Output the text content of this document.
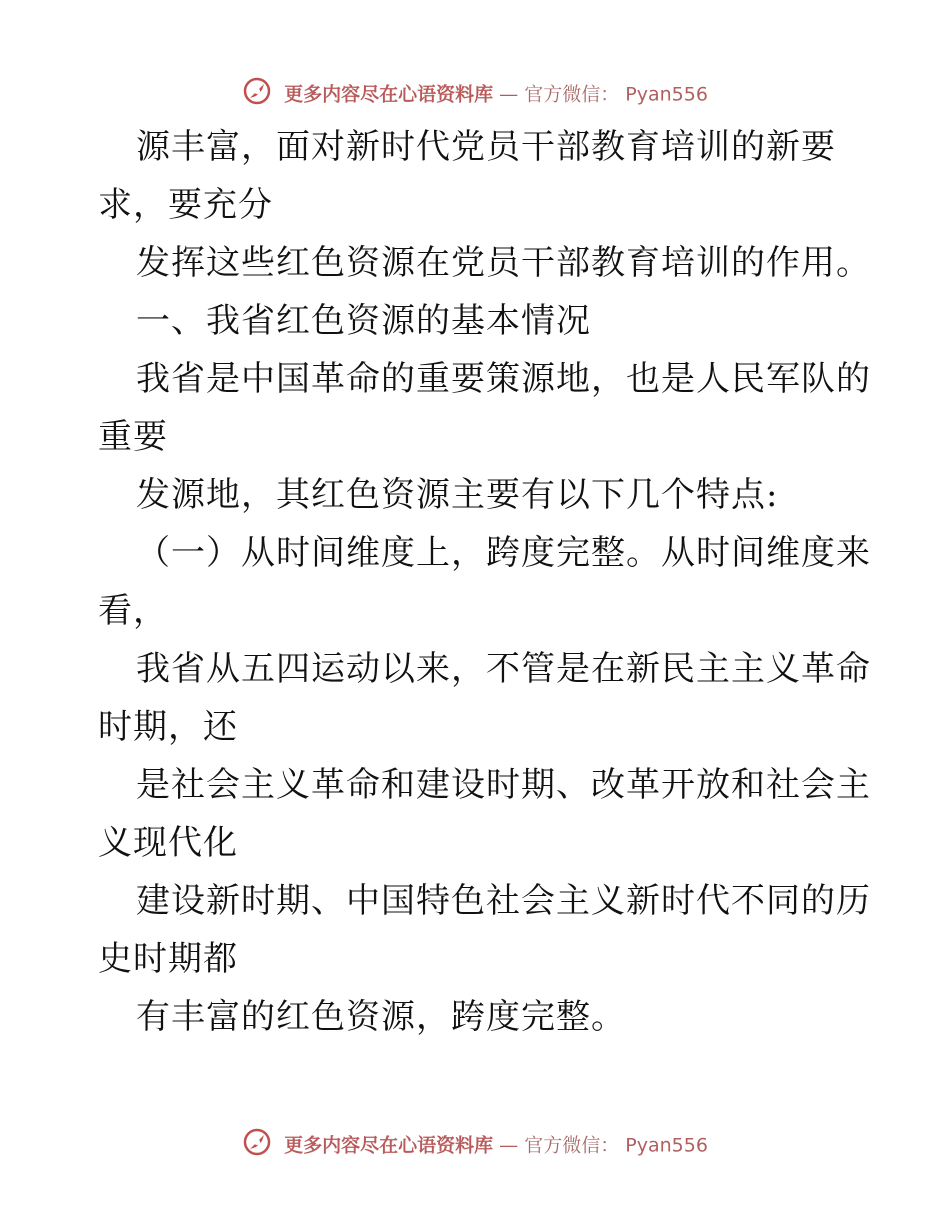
更多内容尽在心语资料库 — 官方微信： Pyan556
源丰富，面对新时代党员干部教育培训的新要
求，要充分
发挥这些红色资源在党员干部教育培训的作用。
一、我省红色资源的基本情况
我省是中国革命的重要策源地，也是人民军队的
重要
发源地，其红色资源主要有以下几个特点:
（一）从时间维度上，跨度完整。从时间维度来
看，
我省从五四运动以来，不管是在新民主主义革命
时期，还
是社会主义革命和建设时期、改革开放和社会主
义现代化
建设新时期、中国特色社会主义新时代不同的历
史时期都
有丰富的红色资源，跨度完整。
更多内容尽在心语资料库 — 官方微信： Pyan556
